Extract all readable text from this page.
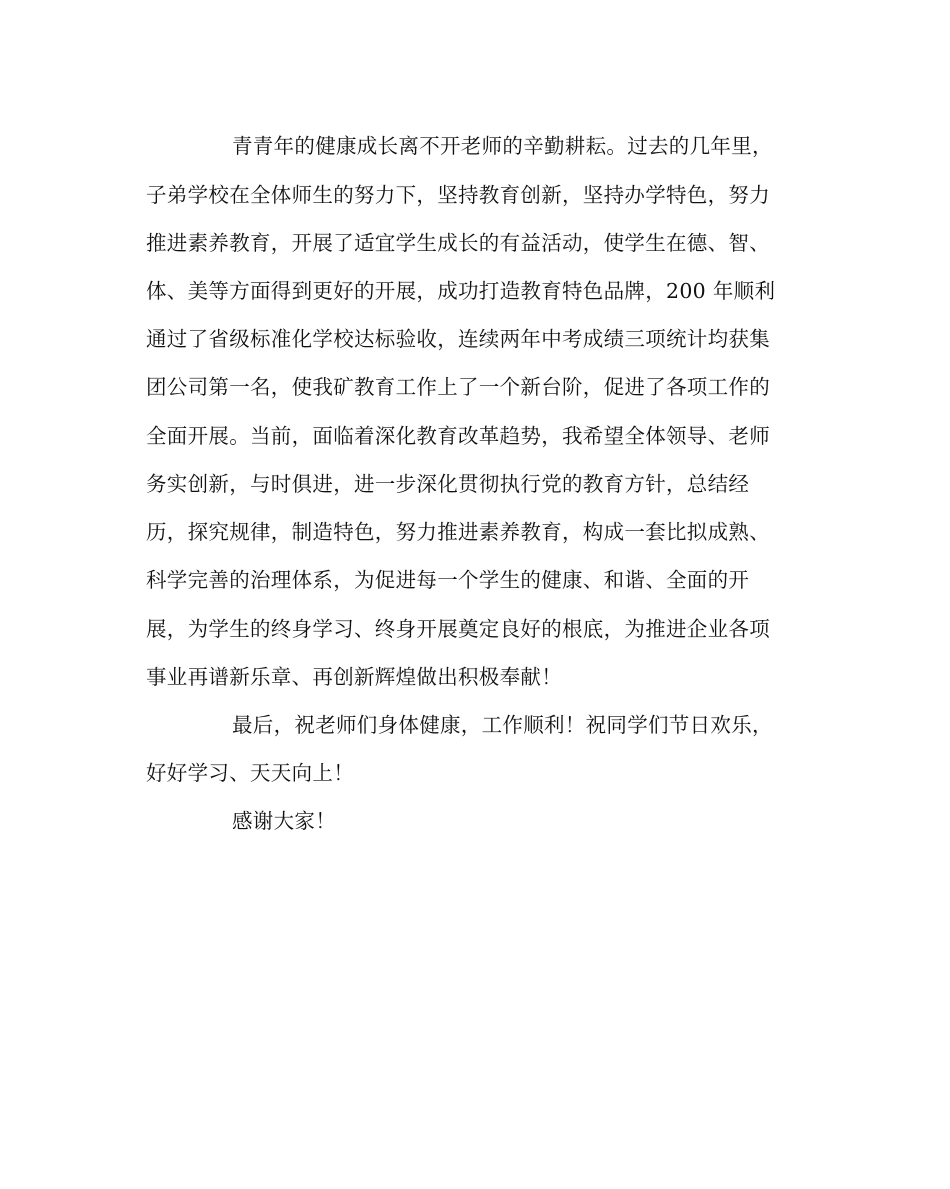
青青年的健康成长离不开老师的辛勤耕耘。过去的几年里，
子弟学校在全体师生的努力下，坚持教育创新，坚持办学特色，努力
推进素养教育，开展了适宜学生成长的有益活动，使学生在德、智、
体、美等方面得到更好的开展，成功打造教育特色品牌，200 年顺利
通过了省级标准化学校达标验收，连续两年中考成绩三项统计均获集
团公司第一名，使我矿教育工作上了一个新台阶，促进了各项工作的
全面开展。当前，面临着深化教育改革趋势，我希望全体领导、老师
务实创新，与时俱进，进一步深化贯彻执行党的教育方针，总结经
历，探究规律，制造特色，努力推进素养教育，构成一套比拟成熟、
科学完善的治理体系，为促进每一个学生的健康、和谐、全面的开
展，为学生的终身学习、终身开展奠定良好的根底，为推进企业各项
事业再谱新乐章、再创新辉煌做出积极奉献！
最后，祝老师们身体健康，工作顺利！祝同学们节日欢乐，
好好学习、天天向上！
感谢大家！
